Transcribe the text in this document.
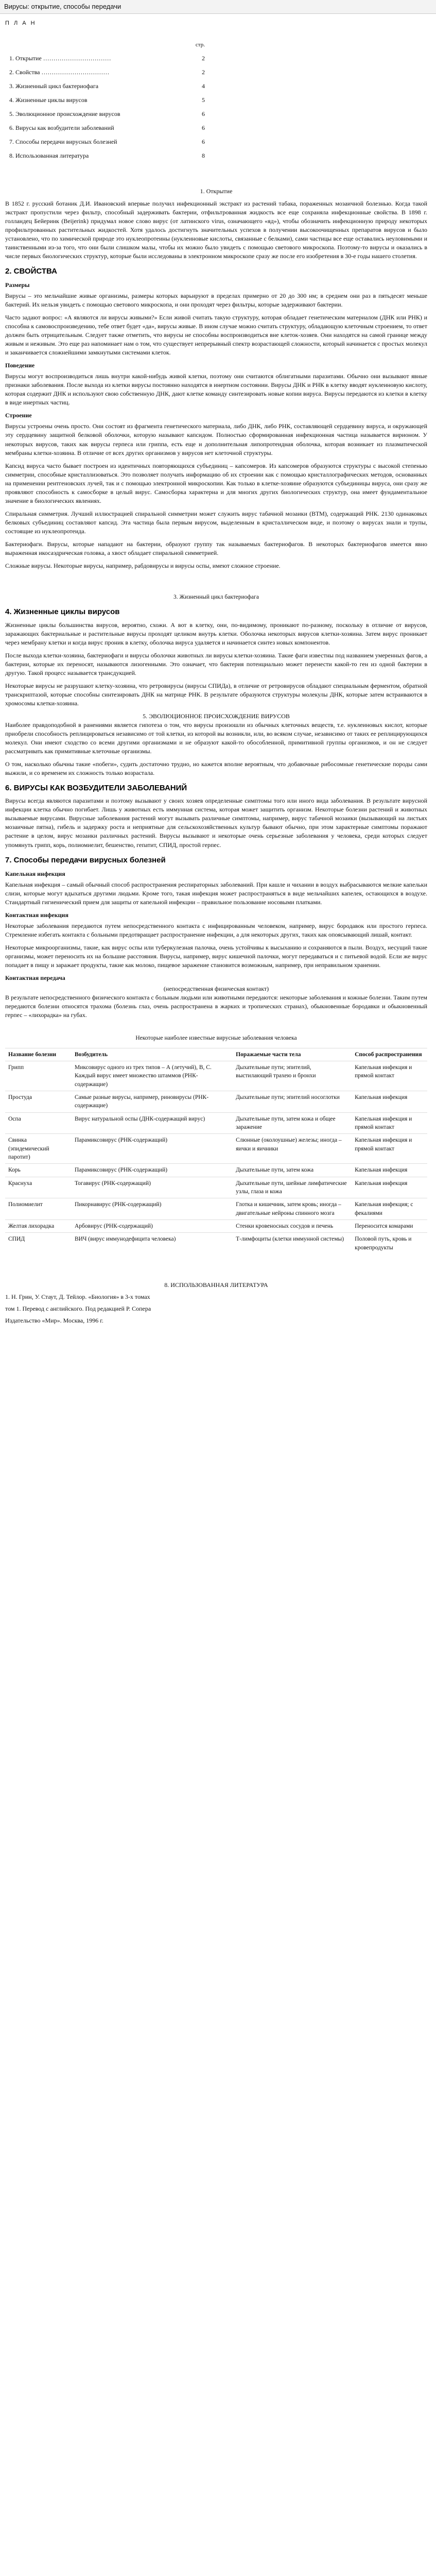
Вирусы: открытие, способы передачи
П Л А Н
стр.
1. Открытие ……………………………	2
2. Свойства ……………………………	2
3. Жизненный цикл бактериофага	4
4. Жизненные циклы вирусов	5
5. Эволюционное происхождение вирусов	6
6. Вирусы как возбудители заболеваний	6
7. Способы передачи вирусных болезней	6
8. Использованная литература	8
1. Открытие

В 1852 г. русский ботаник Д.И. Ивановский впервые получил инфекционный экстракт из растений табака, пораженных мозаичной болезнью. Когда такой экстракт пропустили через фильтр, способный задерживать бактерии, отфильтрованная жидкость все еще сохраняла инфекционные свойства. В 1898 г. голландец Бейеринк (Beijerink) придумал новое слово вирус (от латинского virus, означающего «яд»), чтобы обозначить инфекционную природу некоторых профильтрованных растительных жидкостей. Хотя удалось достигнуть значительных успехов в получении высокоочищенных препаратов вирусов и было установлено, что по химической природе это нуклеопротеины (нуклеиновые кислоты, связанные с белками), сами частицы все еще оставались неуловимыми и таинственными из-за того, что они были слишком малы, чтобы их можно было увидеть с помощью светового микроскопа. Поэтому-то вирусы и оказались в числе первых биологических структур, которые были исследованы в электронном микроскопе сразу же после его изобретения в 30-е годы нашего столетия.

2. СВОЙСТВА
Размеры

Вирусы – это мельчайшие живые организмы, размеры которых варьируют в пределах примерно от 20 до 300 нм; в среднем они раз в пятьдесят меньше бактерий. Их нельзя увидеть с помощью светового микроскопа, и они проходят через фильтры, которые задерживают бактерии.

Часто задают вопрос: «А являются ли вирусы живыми?» Если живой считать такую структуру, которая обладает генетическим материалом (ДНК или РНК) и способна к самовоспроизведению, тебе ответ будет «да», вирусы живые. В ином случае можно считать структуру, обладающую клеточным строением, то ответ должен быть отрицательным. Следует также отметить, что вирусы не способны воспроизводиться вне клеток-хозяев. Они находятся на самой границе между живым и неживым. Это еще раз напоминает нам о том, что существует непрерывный спектр возрастающей сложности, который начинается с простых молекул и заканчивается сложнейшими замкнутыми системами клеток.

Поведение

Вирусы могут воспроизводиться лишь внутри какой-нибудь живой клетки, поэтому они считаются облигатными паразитами. Обычно они вызывают явные признаки заболевания. После выхода из клетки вирусы постоянно находятся в инертном состоянии. Вирусы ДНК и РНК в клетку вводят нуклеиновую кислоту, которая содержит ДНК и используют свою собственную ДНК, дают клетке команду синтезировать новые копии вируса. Вирусы передаются из клетки в клетку в виде инертных частиц.

Строение

Вирусы устроены очень просто. Они состоят из фрагмента генетического материала, либо ДНК, либо РНК, составляющей сердцевину вируса, и окружающей эту сердцевину защитной белковой оболочки, которую называют капсидом. Полностью сформированная инфекционная частица называется вирионом. У некоторых вирусов, таких как вирусы герпеса или гриппа, есть еще и дополнительная липопротеидная оболочка, которая возникает из плазматической мембраны клетки-хозяина. В отличие от всех других организмов у вирусов нет клеточной структуры.

Капсид вируса часто бывает построен из идентичных повторяющихся субъединиц – капсомеров. Из капсомеров образуются структуры с высокой степенью симметрии, способные кристаллизоваться. Это позволяет получать информацию об их строении как с помощью кристаллографических методов, основанных на применении рентгеновских лучей, так и с помощью электронной микроскопии. Как только в клетке-хозяине образуются субъединицы вируса, они сразу же проявляют способность к самосборке в целый вирус. Самосборка характерна и для многих других биологических структур, она имеет фундаментальное значение в биологических явлениях.

Спиральная симметрия. Лучший иллюстрацией спиральной симметрии может служить вирус табачной мозаики (ВТМ), содержащий РНК. 2130 одинаковых белковых субъединиц составляют капсид. Эта частица была первым вирусом, выделенным в кристаллическом виде, и поэтому о вирусах знали и трупы, состоящие из нуклеопротеида.

Бактериофаги. Вирусы, которые нападают на бактерии, образуют группу так называемых бактериофагов. В некоторых бактериофагов имеется явно выраженная икосаэдрическая головка, а хвост обладает спиральной симметрией.

Сложные вирусы. Некоторые вирусы, например, рабдовирусы и вирусы оспы, имеют сложное строение.

3. Жизненный цикл бактериофага
4. Жизненные циклы вирусов

Жизненные циклы большинства вирусов, вероятно, схожи. А вот в клетку, они, по-видимому, проникают по-разному, поскольку в отличие от вирусов, заражающих бактериальные и растительные вирусы проходят целиком внутрь клетки. Оболочка некоторых вирусов клетки-хозяина. Затем вирус проникает через мембрану клетки и когда вирус проник в клетку, оболочка вируса удаляется и начинается синтез новых компонентов.

После выхода клетки-хозяина, бактериофаги и вирусы оболочки животных ли вирусы клетки-хозяина. Такие фаги известны под названием умеренных фагов, а бактерии, которые их переносят, называются лизогенными. Это означает, что бактерия потенциально может перенести какой-то ген из одной бактерии в другую. Такой процесс называется трансдукцией.

Некоторые вирусы не разрушают клетку-хозяина, что ретровирусы (вирусы СПИДа), в отличие от ретровирусов обладают специальным ферментом, обратной транскриптазой, которые способны синтезировать ДНК на матрице РНК. В результате образуются структуры молекулы ДНК, которые затем встраиваются в хромосомы клетки-хозяина.

5. ЭВОЛЮЦИОННОЕ ПРОИСХОЖДЕНИЕ ВИРУСОВ

Наиболее правдоподобной в ранениями является гипотеза о том, что вирусы произошли из обычных клеточных веществ, т.е. нуклеиновых кислот, которые приобрели способность реплицироваться независимо от той клетки, из которой вы возникли, или, во всяком случае, независимо от таких ее реплицирующихся молекул. Они имеют сходство со всеми другими организмами и не образуют какой-то обособленной, примитивной группы организмов, и он не следует рассматривать как примитивные клеточные организмы.

О том, насколько обычны такие «побеги», судить достаточно трудно, но кажется вполне вероятным, что добавочные рибосомные генетические породы сами выжили, и со временем их сложность только возрастала.

6. ВИРУСЫ КАК ВОЗБУДИТЕЛИ ЗАБОЛЕВАНИЙ

Вирусы всегда являются паразитами и поэтому вызывают у своих хозяев определенные симптомы того или иного вида заболевания. В результате вирусной инфекции клетка обычно погибает. Лишь у животных есть иммунная система, которая может защитить организм. Некоторые болезни растений и животных вызываемые вирусами. Вирусные заболевания растений могут вызывать различные симптомы, например, вирус табачной мозаики (вызывающий на листьях мозаичные пятна), гибель и задержку роста и неприятные для сельскохозяйственных культур бывают обычно, при этом характерные симптомы поражают растение в целом, вирус мозаики различных растений. Вирусы вызывают и некоторые очень серьезные заболевания у человека, среди которых следует упомянуть грипп, корь, полиомиелит, бешенство, гепатит, СПИД, простой герпес.

7. Способы передачи вирусных болезней
Капельная инфекция

Капельная инфекция – самый обычный способ распространения респираторных заболеваний. При кашле и чихании в воздух выбрасываются мелкие капельки слизи, которые могут вдыхаться другими людьми. Кроме того, такая инфекция может распространяться в виде мельчайших капелек, остающихся в воздухе. Стандартный гигиенический прием для защиты от капельной инфекции – правильное пользование носовыми платками.

Контактная инфекция

Некоторые заболевания передаются путем непосредственного контакта с инфицированным человеком, например, вирус бородавок или простого герпеса. Стремление избегать контакта с больными предотвращает распространение инфекции, а для некоторых других, таких как опоясывающий лишай, контакт.

Некоторые микроорганизмы, такие, как вирус оспы или туберкулезная палочка, очень устойчивы к высыханию и сохраняются в пыли. Воздух, несущий такие организмы, может переносить их на большие расстояния. Вирусы, например, вирус кишечной палочки, могут передаваться и с питьевой водой. Если же вирус попадает в пищу и заражает продукты, такие как молоко, пищевое заражение становится возможным, например, при неправильном хранении.

Контактная передача
(непосредственная физическая контакт)

В результате непосредственного физического контакта с больным людьми или животными передаются: некоторые заболевания и кожные болезни. Таким путем передаются болезни относятся трахома (болезнь глаз, очень распространена в жарких и тропических странах), обыкновенные бородавки и обыкновенный герпес – «лихорадка» на губах.

Некоторые наиболее известные вирусные заболевания человека
Название болезни	Возбудитель	Поражаемые части тела	Способ распространения
Грипп	Миксовирус одного из трех типов – А (летучий), В, С. Каждый вирус имеет множество штаммов (РНК-содержащие)	Дыхательные пути; эпителий, выстилающий трахею и бронхи	Капельная инфекция и прямой контакт
Простуда	Самые разные вирусы, например, риновирусы (РНК-содержащие)	Дыхательные пути; эпителий носоглотки	Капельная инфекция
Оспа	Вирус натуральной оспы (ДНК-содержащий вирус)	Дыхательные пути, затем кожа и общее заражение	Капельная инфекция и прямой контакт
Свинка (эпидемический паротит)	Парамиксовирус (РНК-содержащий)	Слюнные (околоушные) железы; иногда – яички и яичники	Капельная инфекция и прямой контакт
Корь	Парамиксовирус (РНК-содержащий)	Дыхательные пути, затем кожа	Капельная инфекция
Краснуха	Тогавирус (РНК-содержащий)	Дыхательные пути, шейные лимфатические узлы, глаза и кожа	Капельная инфекция
Полиомиелит	Пикорнавирус (РНК-содержащий)	Глотка и кишечник, затем кровь; иногда – двигательные нейроны спинного мозга	Капельная инфекция; с фекалиями
Желтая лихорадка	Арбовирус (РНК-содержащий)	Стенки кровеносных сосудов и печень	Переносится комарами
СПИД	ВИЧ (вирус иммунодефицита человека)	Т-лимфоциты (клетки иммунной системы)	Половой путь, кровь и кровепродукты
8. ИСПОЛЬЗОВАННАЯ ЛИТЕРАТУРА

1. Н. Грин, У. Стаут, Д. Тейлор. «Биология» в 3-х томах

том 1. Перевод с английского. Под редакцией Р. Сопера

Издательство «Мир». Москва, 1996 г.
